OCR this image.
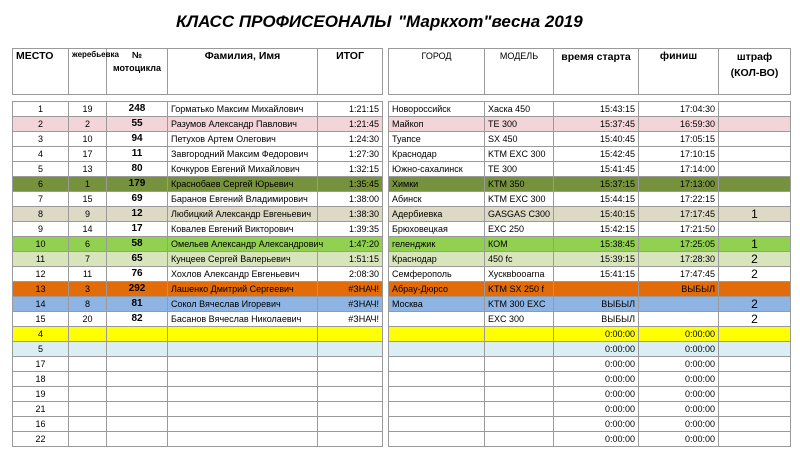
КЛАСС ПРОФИСЕОНАЛЫ "Маркхот"весна 2019
МЕСТО	жеребьевка	№ мотоцикла	Фамилия, Имя	ИТОГ		ГОРОД	МОДЕЛЬ	время старта	финиш	штраф (КОЛ-ВО)

1	19	248	Горматько Максим Михайлович	1:21:15		Новороссийск	Хаска 450	15:43:15	17:04:30	
2	2	55	Разумов Александр Павлович	1:21:45		Майкоп	TE 300	15:37:45	16:59:30	
3	10	94	Петухов Артем Олегович	1:24:30		Туапсе	SX 450	15:40:45	17:05:15	
4	17	11	Завгородний Максим Федорович	1:27:30		Краснодар	KTM EXC 300	15:42:45	17:10:15	
5	13	80	Кочкуров Евгений Михайлович	1:32:15		Южно-сахалинск	TE 300	15:41:45	17:14:00	
6	1	179	Краснобаев Сергей Юрьевич	1:35:45		Химки	KTM 350	15:37:15	17:13:00	
7	15	69	Баранов Евгений Владимирович	1:38:00		Абинск	KTM EXC 300	15:44:15	17:22:15	
8	9	12	Любицкий Александр Евгеньевич	1:38:30		Адербиевка	GASGAS C300	15:40:15	17:17:45	1
9	14	17	Ковалев Евгений Викторович	1:39:35		Брюховецкая	EXC 250	15:42:15	17:21:50	
10	6	58	Омельев Александр Александрович	1:47:20		геленджик	КОМ	15:38:45	17:25:05	1
11	7	65	Кунцеев Сергей Валерьевич	1:51:15		Краснодар	450 fc	15:39:15	17:28:30	2
12	11	76	Хохлов Александр Евгеньевич	2:08:30		Семферополь	Хусквbooarna	15:41:15	17:47:45	2
13	3	292	Лашенко Дмитрий Сергеевич	#ЗНАЧ!		Абрау-Дюрсо	KTM SX 250 f		ВЫБЫЛ	
14	8	81	Сокол Вячеслав Игоревич	#ЗНАЧ!		Москва	KTM 300 EXC	ВЫБЫЛ		2
15	20	82	Басанов Вячеслав Николаевич	#ЗНАЧ!			EXC 300	ВЫБЫЛ		2
4								0:00:00	0:00:00	
5								0:00:00	0:00:00	
17								0:00:00	0:00:00	
18								0:00:00	0:00:00	
19								0:00:00	0:00:00	
21								0:00:00	0:00:00	
16								0:00:00	0:00:00	
22								0:00:00	0:00:00	
